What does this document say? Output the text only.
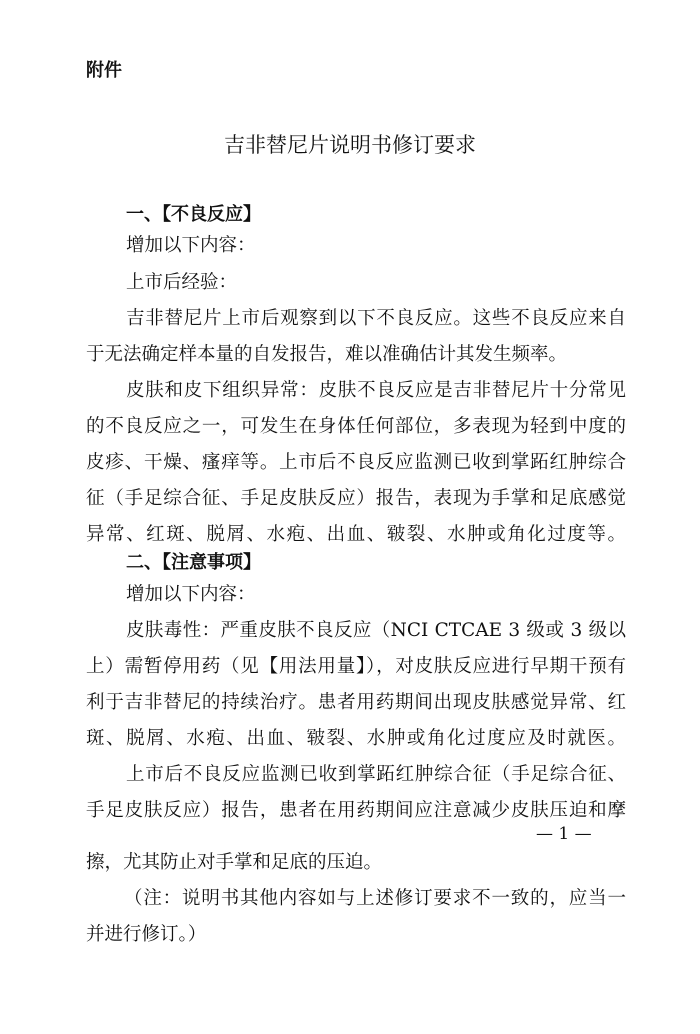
附件
吉非替尼片说明书修订要求
一、【不良反应】
增加以下内容：
上市后经验：
吉非替尼片上市后观察到以下不良反应。这些不良反应来自
于无法确定样本量的自发报告，难以准确估计其发生频率。
皮肤和皮下组织异常：皮肤不良反应是吉非替尼片十分常见
的不良反应之一，可发生在身体任何部位，多表现为轻到中度的
皮疹、干燥、瘙痒等。上市后不良反应监测已收到掌跖红肿综合
征（手足综合征、手足皮肤反应）报告，表现为手掌和足底感觉
异常、红斑、脱屑、水疱、出血、皲裂、水肿或角化过度等。
二、【注意事项】
增加以下内容：
皮肤毒性：严重皮肤不良反应（NCI CTCAE 3 级或 3 级以
上）需暂停用药（见【用法用量】），对皮肤反应进行早期干预有
利于吉非替尼的持续治疗。患者用药期间出现皮肤感觉异常、红
斑、脱屑、水疱、出血、皲裂、水肿或角化过度应及时就医。
上市后不良反应监测已收到掌跖红肿综合征（手足综合征、
手足皮肤反应）报告，患者在用药期间应注意减少皮肤压迫和摩
— 1 —
擦，尤其防止对手掌和足底的压迫。
（注：说明书其他内容如与上述修订要求不一致的，应当一
并进行修订。）
